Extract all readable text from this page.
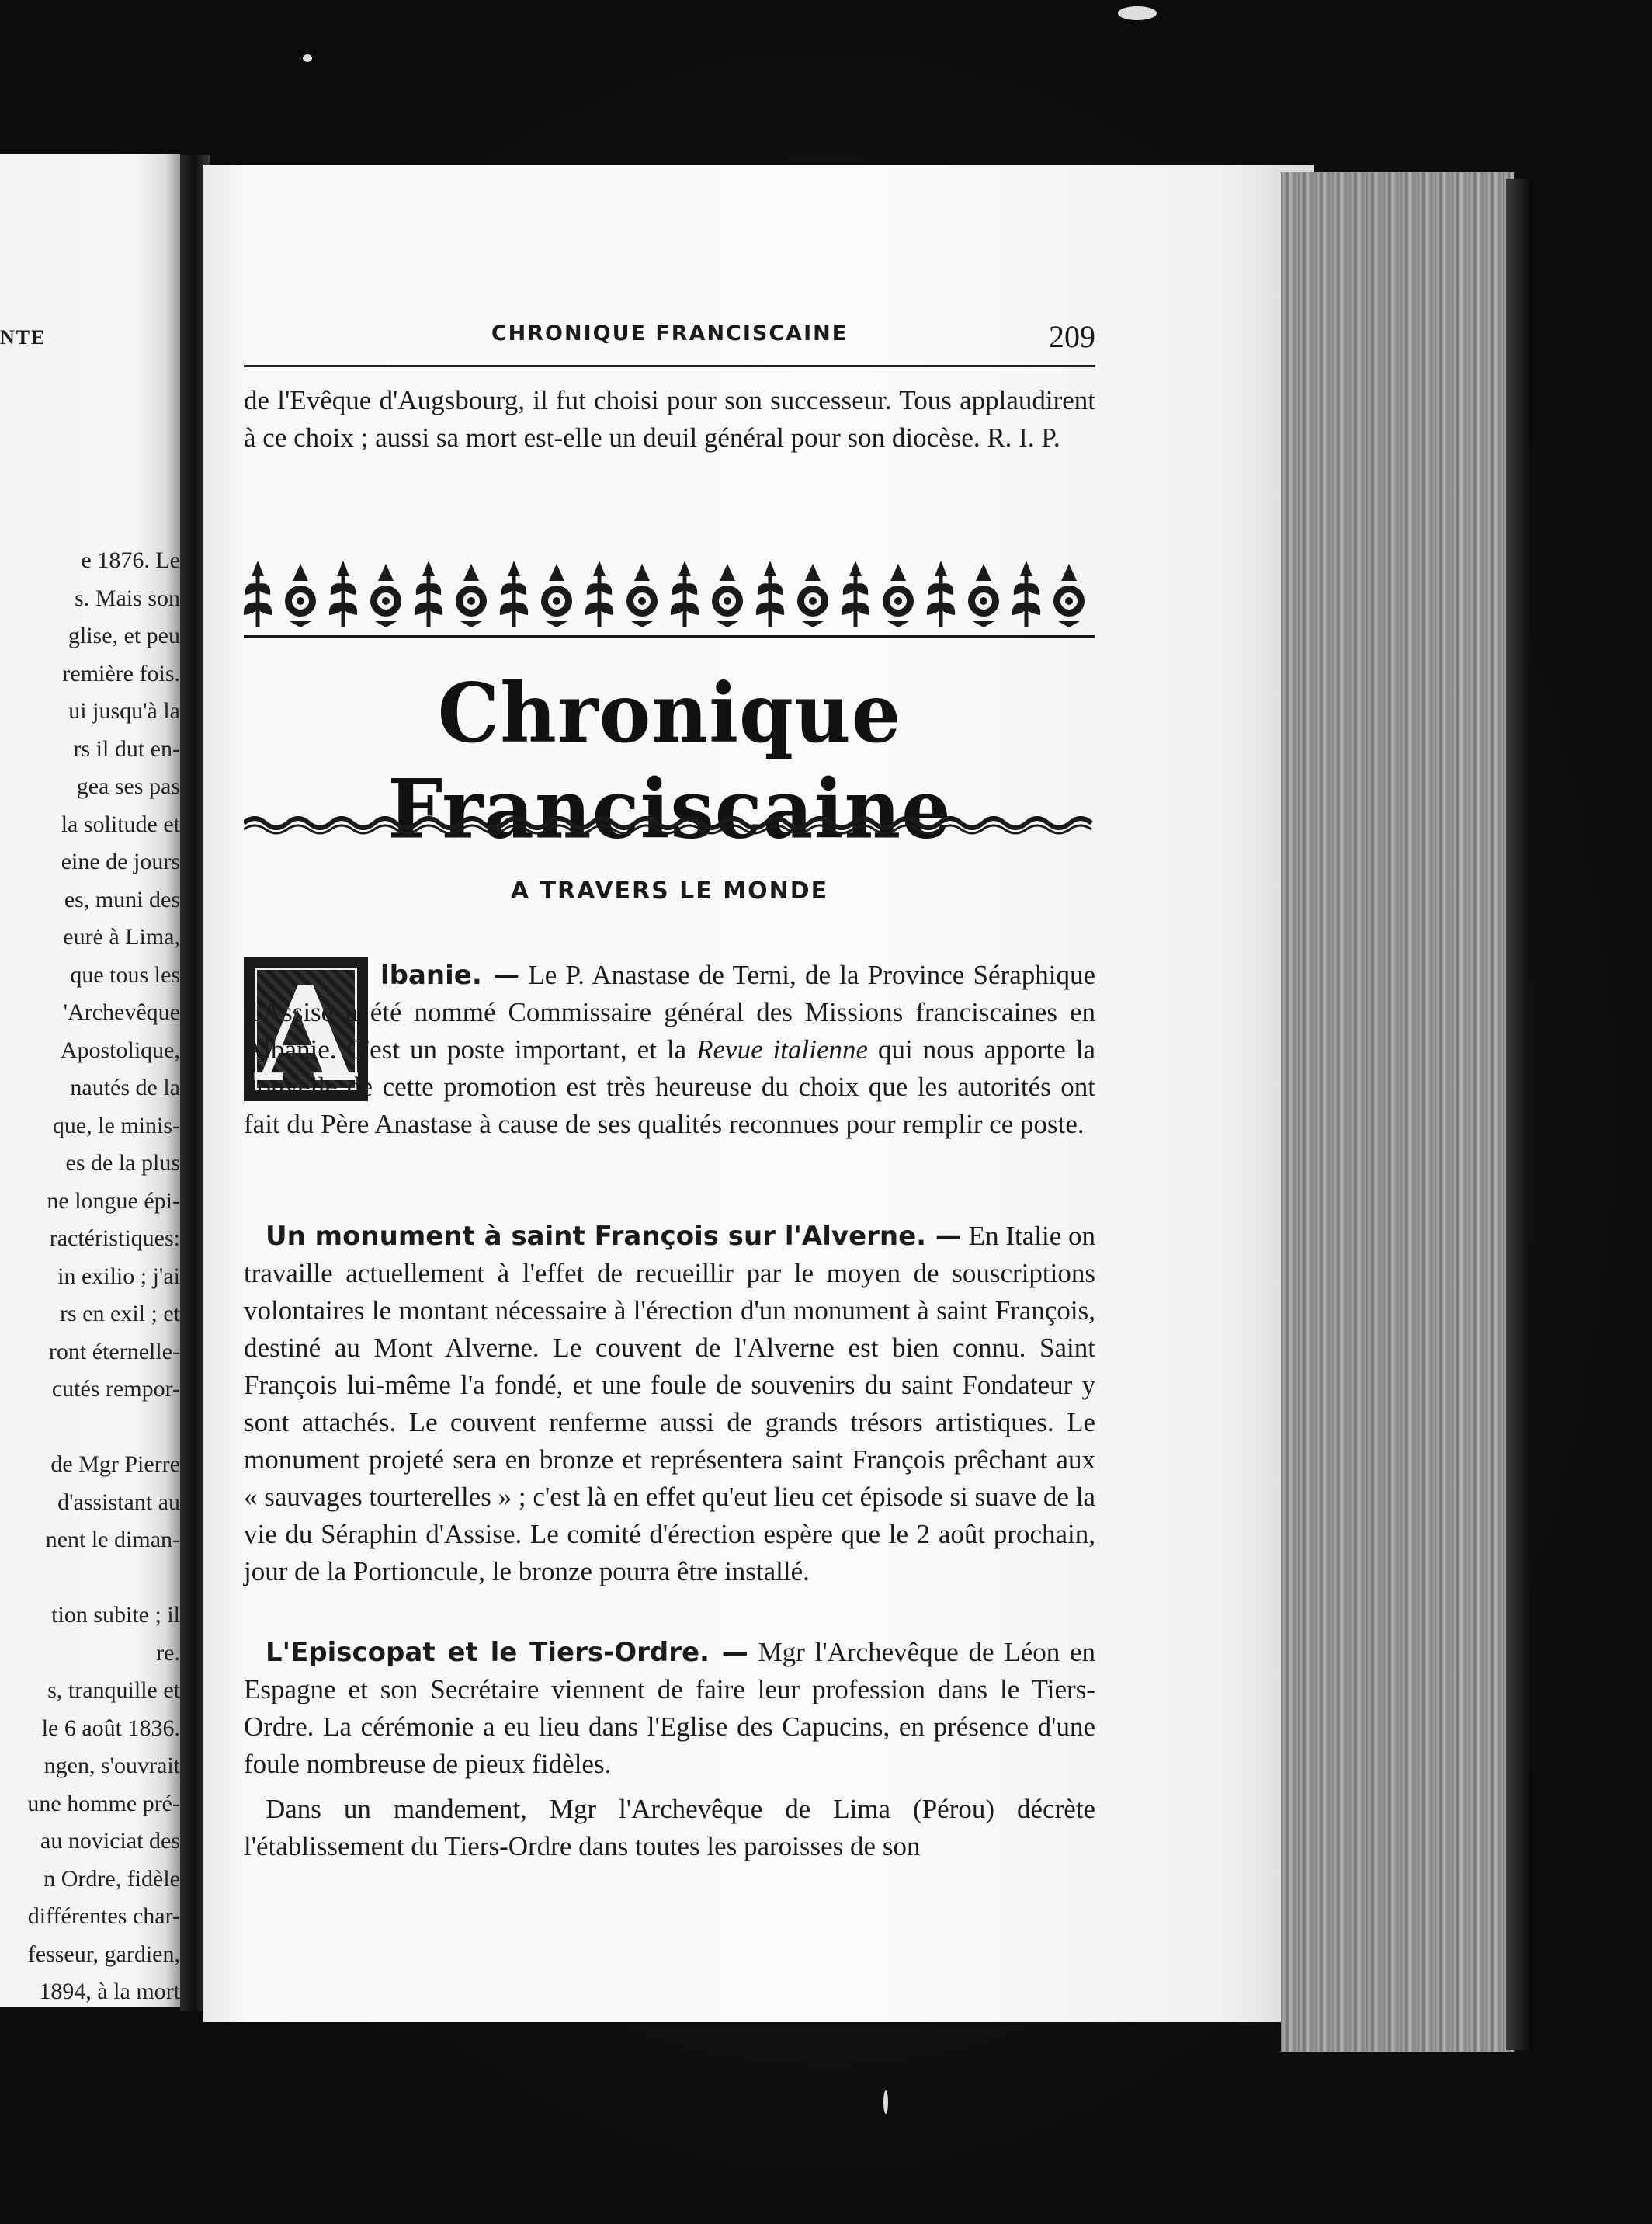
NTE
e 1876. Le
s. Mais son
glise, et peu
remière fois.
ui jusqu'à la
rs il dut en-
gea ses pas
la solitude et
eine de jours
es, muni des
eurė à Lima,
que tous les
'Archevêque
Apostolique,
nautés de la
que, le minis-
es de la plus
ne longue épi-
ractéristiques:
in exilio ; j'ai
rs en exil ; et
ront éternelle-
cutés rempor-
de Mgr Pierre
d'assistant au
nent le diman-
tion subite ; il
re.
s, tranquille et
le 6 août 1836.
ngen, s'ouvrait
une homme pré-
au noviciat des
n Ordre, fidèle
différentes char-
fesseur, gardien,
1894, à la mort
CHRONIQUE FRANCISCAINE	209
de l'Evêque d'Augsbourg, il fut choisi pour son successeur. Tous applaudirent à ce choix ; aussi sa mort est-elle un deuil général pour son diocèse. R. I. P.
Chronique Franciscaine
A TRAVERS LE MONDE
A lbanie. — Le P. Anastase de Terni, de la Province Séraphique d'Assise a été nommé Commissaire général des Missions franciscaines en Albanie. C'est un poste important, et la Revue italienne qui nous apporte la nouvelle de cette promotion est très heureuse du choix que les autorités ont fait du Père Anastase à cause de ses qualités reconnues pour remplir ce poste.
Un monument à saint François sur l'Alverne. — En Italie on travaille actuellement à l'effet de recueillir par le moyen de souscriptions volontaires le montant nécessaire à l'érection d'un monument à saint François, destiné au Mont Alverne. Le couvent de l'Alverne est bien connu. Saint François lui-même l'a fondé, et une foule de souvenirs du saint Fondateur y sont attachés. Le couvent renferme aussi de grands trésors artistiques. Le monument projeté sera en bronze et représentera saint François prêchant aux « sauvages tourterelles » ; c'est là en effet qu'eut lieu cet épisode si suave de la vie du Séraphin d'Assise. Le comité d'érection espère que le 2 août prochain, jour de la Portioncule, le bronze pourra être installé.
L'Episcopat et le Tiers-Ordre. — Mgr l'Archevêque de Léon en Espagne et son Secrétaire viennent de faire leur profession dans le Tiers-Ordre. La cérémonie a eu lieu dans l'Eglise des Capucins, en présence d'une foule nombreuse de pieux fidèles.
Dans un mandement, Mgr l'Archevêque de Lima (Pérou) décrète l'établissement du Tiers-Ordre dans toutes les paroisses de son
